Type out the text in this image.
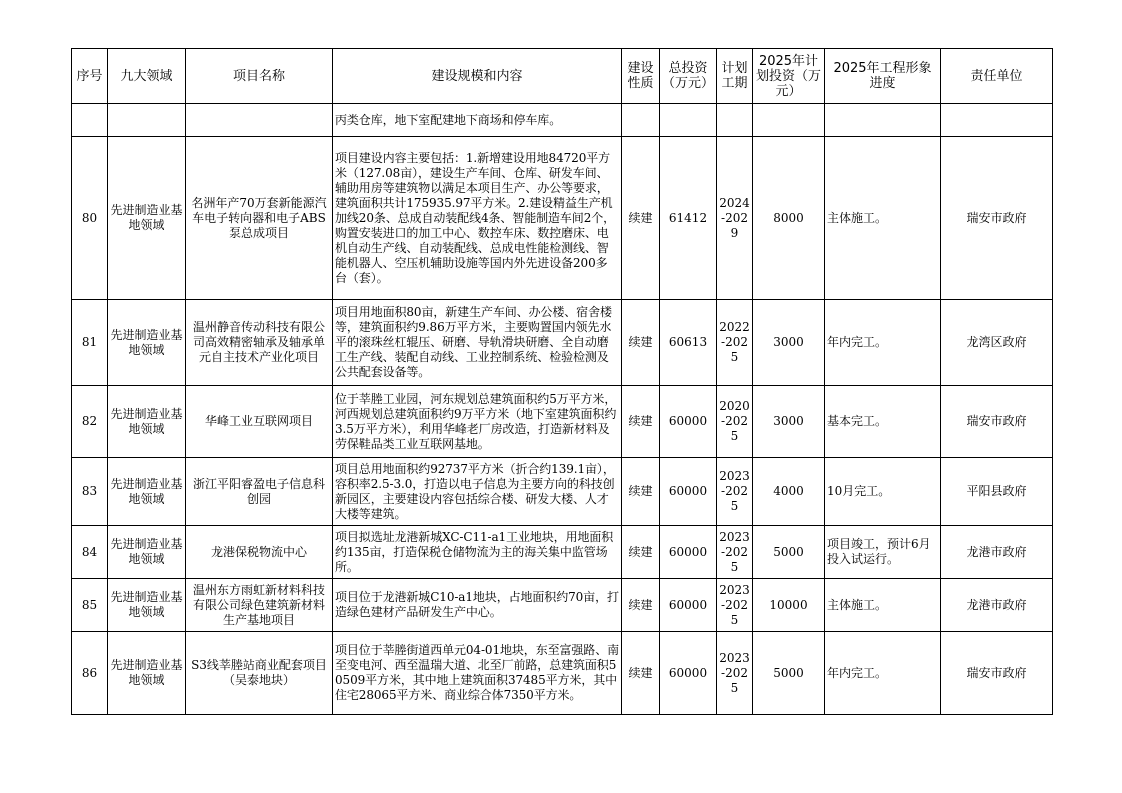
序号	九大领域	项目名称	建设规模和内容	建设性质	总投资（万元）	计划工期	2025年计划投资（万元）	2025年工程形象进度	责任单位
			丙类仓库，地下室配建地下商场和停车库。						
80	先进制造业基地领域	名洲年产70万套新能源汽车电子转向器和电子ABS泵总成项目	项目建设内容主要包括：1.新增建设用地84720平方米（127.08亩），建设生产车间、仓库、研发车间、辅助用房等建筑物以满足本项目生产、办公等要求，建筑面积共计175935.97平方米。2.建设精益生产机加线20条、总成自动装配线4条、智能制造车间2个，购置安装进口的加工中心、数控车床、数控磨床、电机自动生产线、自动装配线、总成电性能检测线、智能机器人、空压机辅助设施等国内外先进设备200多台（套）。	续建	61412	2024-2029	8000	主体施工。	瑞安市政府
81	先进制造业基地领域	温州静音传动科技有限公司高效精密轴承及轴承单元自主技术产业化项目	项目用地面积80亩，新建生产车间、办公楼、宿舍楼等，建筑面积约9.86万平方米，主要购置国内领先水平的滚珠丝杠辊压、研磨、导轨滑块研磨、全自动磨工生产线、装配自动线、工业控制系统、检验检测及公共配套设备等。	续建	60613	2022-2025	3000	年内完工。	龙湾区政府
82	先进制造业基地领域	华峰工业互联网项目	位于莘塍工业园，河东规划总建筑面积约5万平方米，河西规划总建筑面积约9万平方米（地下室建筑面积约3.5万平方米），利用华峰老厂房改造，打造新材料及劳保鞋品类工业互联网基地。	续建	60000	2020-2025	3000	基本完工。	瑞安市政府
83	先进制造业基地领域	浙江平阳睿盈电子信息科创园	项目总用地面积约92737平方米（折合约139.1亩），容积率2.5-3.0，打造以电子信息为主要方向的科技创新园区，主要建设内容包括综合楼、研发大楼、人才大楼等建筑。	续建	60000	2023-2025	4000	10月完工。	平阳县政府
84	先进制造业基地领域	龙港保税物流中心	项目拟选址龙港新城XC-C11-a1工业地块，用地面积约135亩，打造保税仓储物流为主的海关集中监管场所。	续建	60000	2023-2025	5000	项目竣工，预计6月投入试运行。	龙港市政府
85	先进制造业基地领域	温州东方雨虹新材料科技有限公司绿色建筑新材料生产基地项目	项目位于龙港新城C10-a1地块，占地面积约70亩，打造绿色建材产品研发生产中心。	续建	60000	2023-2025	10000	主体施工。	龙港市政府
86	先进制造业基地领域	S3线莘塍站商业配套项目（吴泰地块）	项目位于莘塍街道西单元04-01地块，东至富强路、南至变电河、西至温瑞大道、北至厂前路，总建筑面积50509平方米，其中地上建筑面积37485平方米，其中住宅28065平方米、商业综合体7350平方米。	续建	60000	2023-2025	5000	年内完工。	瑞安市政府
